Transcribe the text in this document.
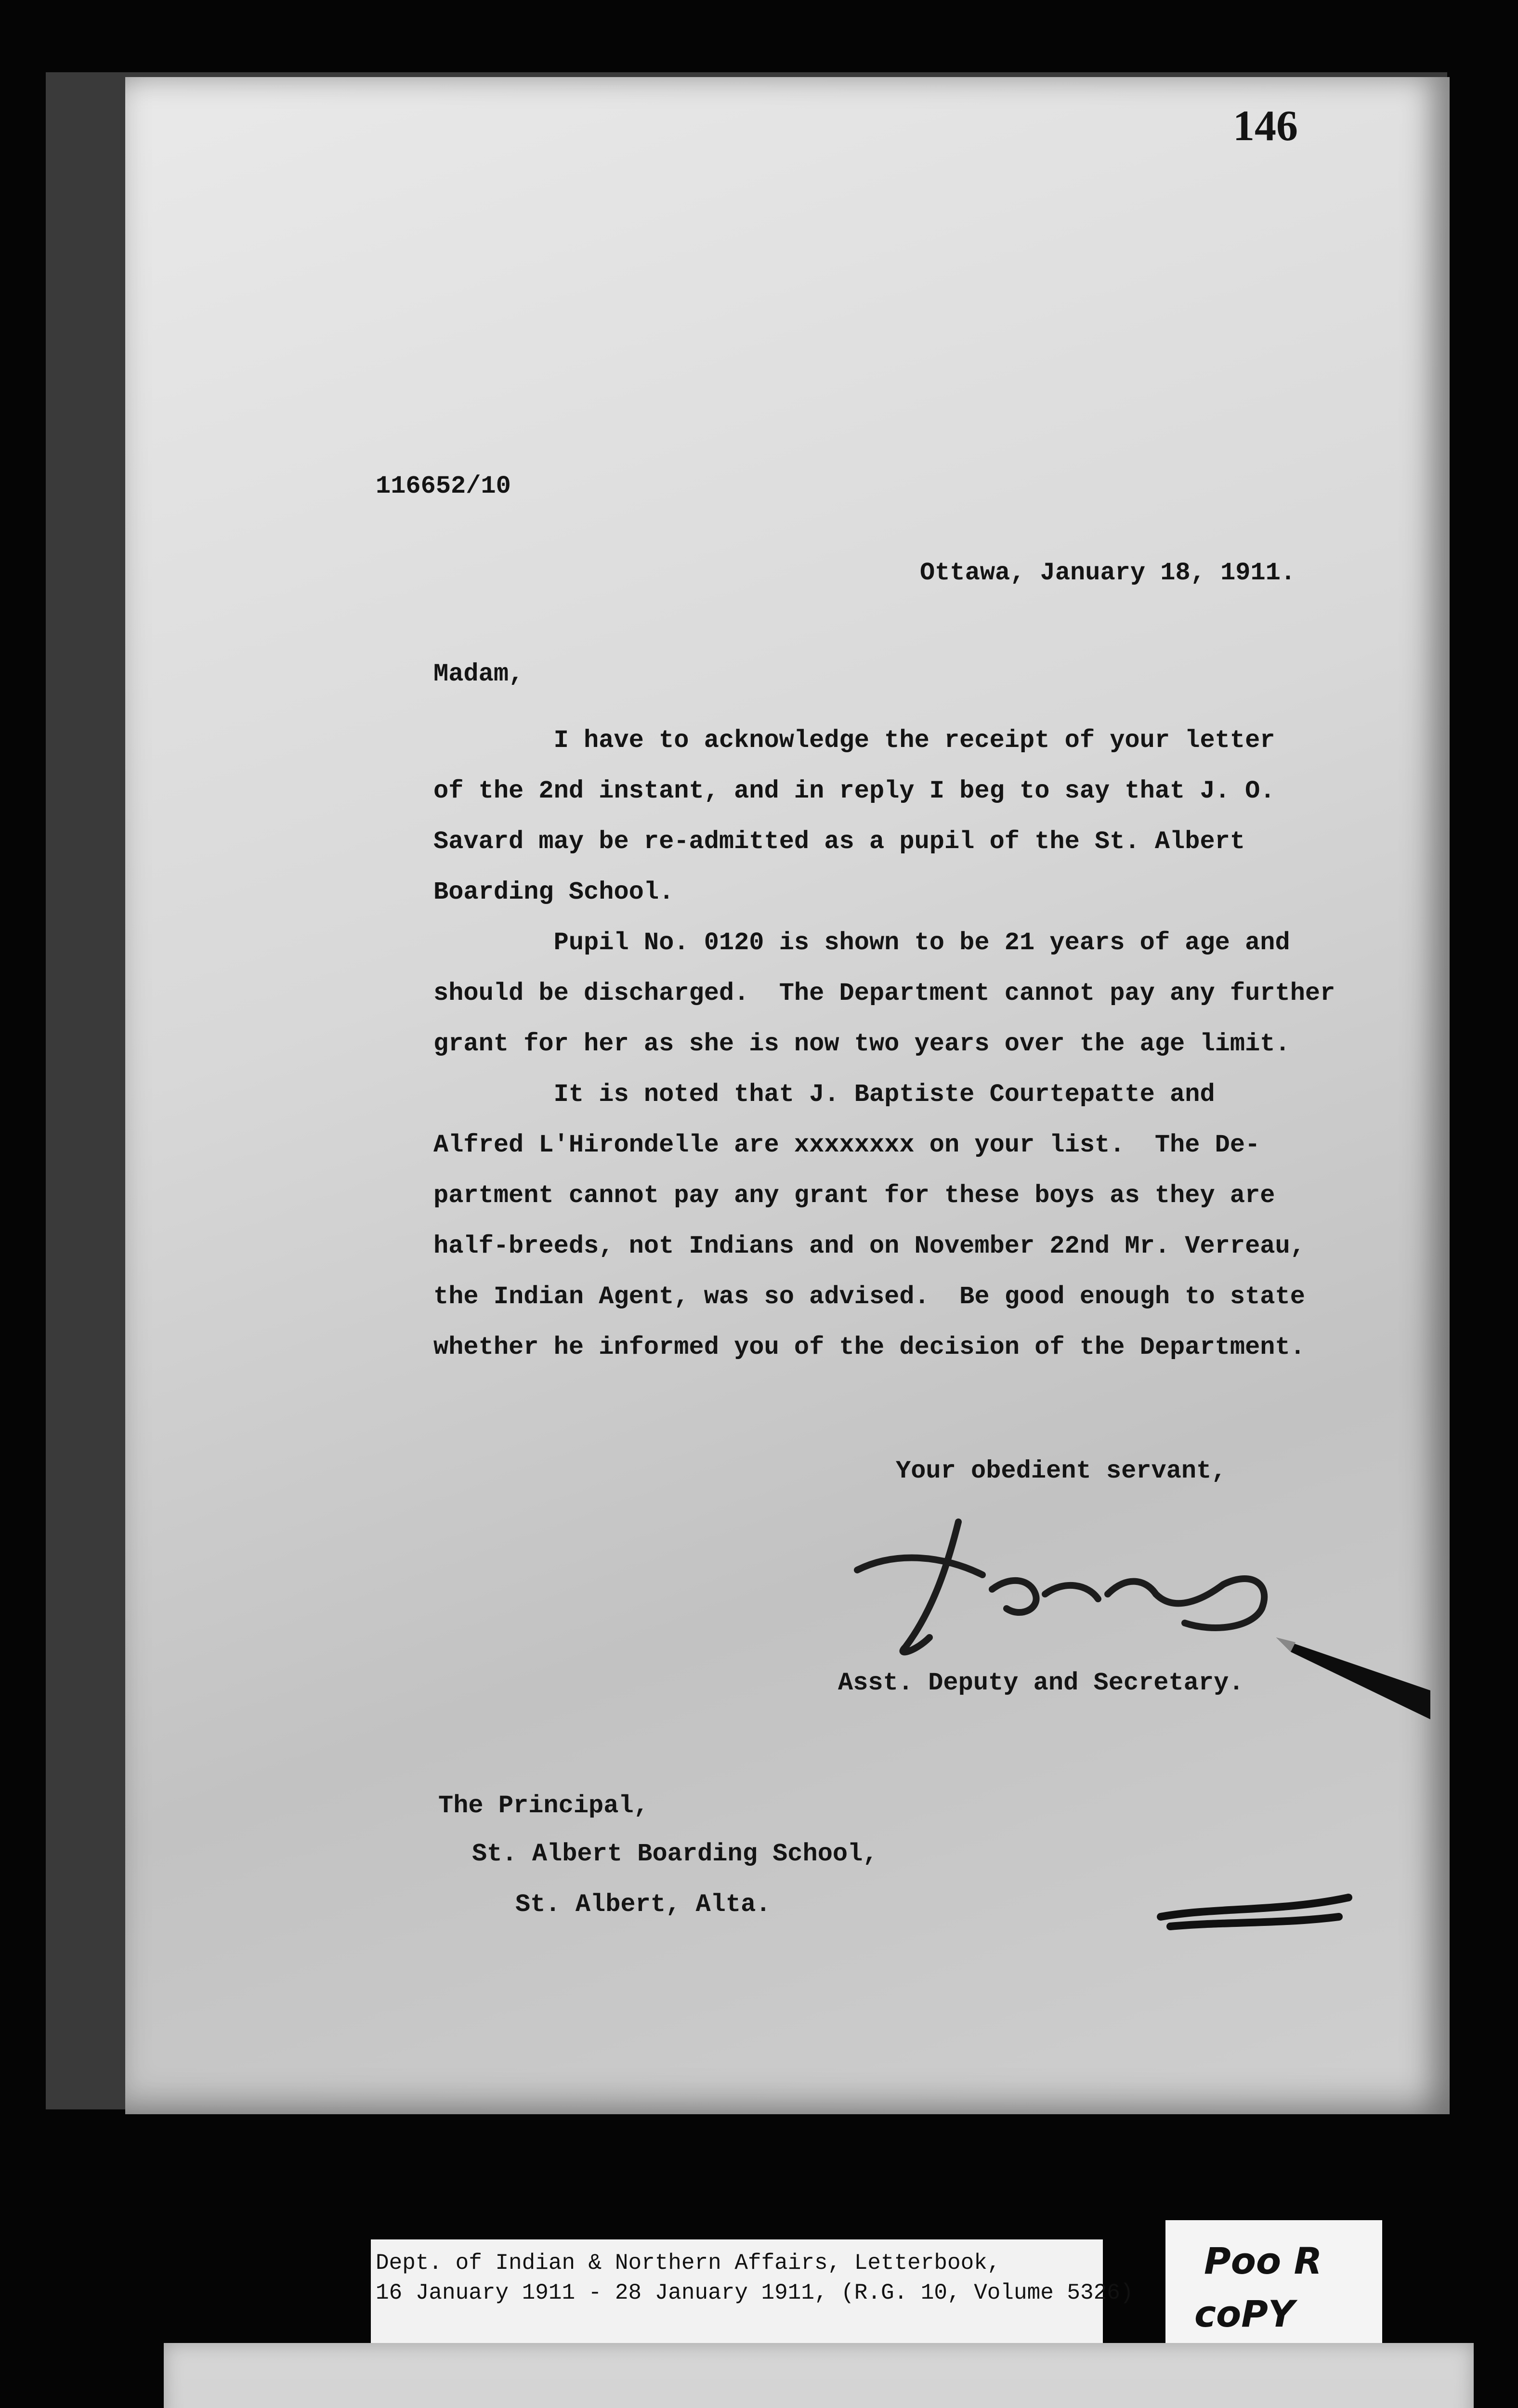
146
116652/10
Ottawa, January 18, 1911.
Madam,

I have to acknowledge the receipt of your letter

of the 2nd instant, and in reply I beg to say that J. O.

Savard may be re-admitted as a pupil of the St. Albert

Boarding School.

Pupil No. 0120 is shown to be 21 years of age and

should be discharged.  The Department cannot pay any further

grant for her as she is now two years over the age limit.

It is noted that J. Baptiste Courtepatte and

Alfred L'Hirondelle are xxxxxxxx on your list.  The De-

partment cannot pay any grant for these boys as they are

half-breeds, not Indians and on November 22nd Mr. Verreau,

the Indian Agent, was so advised.  Be good enough to state

whether he informed you of the decision of the Department.

Your obedient servant,
Asst. Deputy and Secretary.
The Principal,
St. Albert Boarding School,
St. Albert, Alta.
Dept. of Indian & Northern Affairs, Letterbook,
16 January 1911 - 28 January 1911, (R.G. 10, Volume 5326)
Poo R
coPY
